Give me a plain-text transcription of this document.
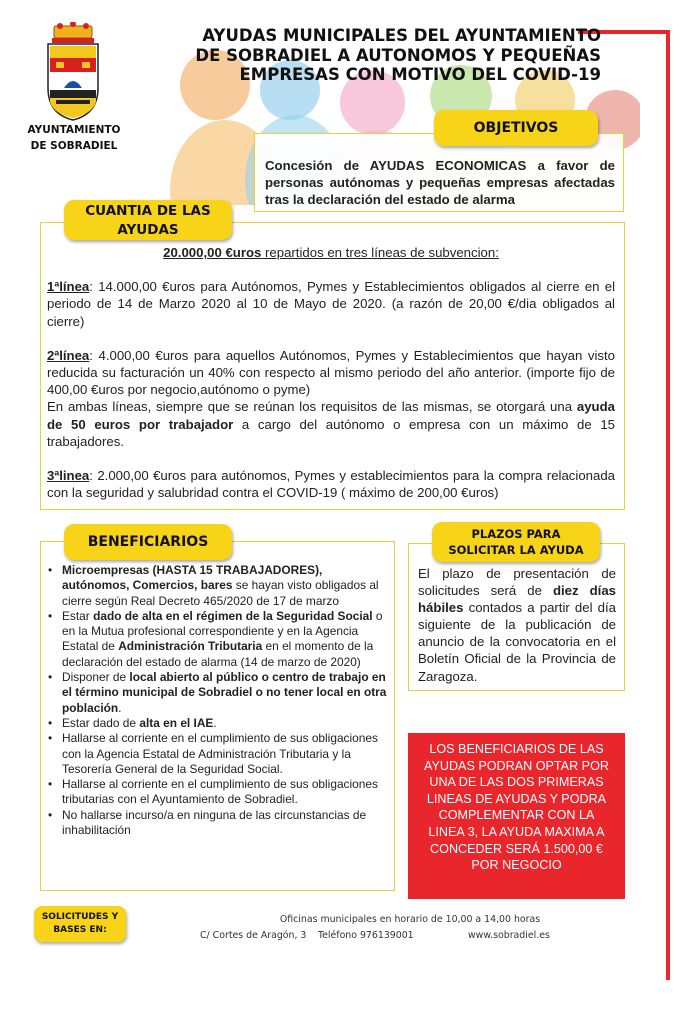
AYUNTAMIENTO
DE SOBRADIEL
AYUDAS MUNICIPALES DEL AYUNTAMIENTO
DE SOBRADIEL A AUTONOMOS Y PEQUEÑAS
EMPRESAS CON MOTIVO DEL COVID-19
OBJETIVOS
Concesión de AYUDAS ECONOMICAS a favor de personas autónomas y pequeñas empresas afectadas tras la declaración del estado de alarma
CUANTIA DE LAS
AYUDAS

20.000,00 €uros repartidos en tres líneas de subvencion:

1ªlínea: 14.000,00 €uros para Autónomos, Pymes y Establecimientos obligados al cierre en el periodo de 14 de Marzo 2020 al 10 de Mayo de 2020. (a razón de 20,00 €/dia obligados al cierre)

2ªlínea: 4.000,00 €uros para aquellos Autónomos, Pymes y Establecimientos que hayan visto reducida su facturación un 40% con respecto al mismo periodo del año anterior. (importe fijo de 400,00 €uros por negocio,autónomo o pyme)

En ambas líneas, siempre que se reúnan los requisitos de las mismas, se otorgará una ayuda de 50 euros por trabajador a cargo del autónomo o empresa con un máximo de 15 trabajadores.

3ªlinea: 2.000,00 €uros para autónomos, Pymes y establecimientos para la compra relacionada con la seguridad y salubridad contra el COVID-19 ( máximo de 200,00 €uros)

BENEFICIARIOS
• Microempresas (HASTA 15 TRABAJADORES), autónomos, Comercios, bares se hayan visto obligados al cierre según Real Decreto 465/2020 de 17 de marzo
• Estar dado de alta en el régimen de la Seguridad Social o en la Mutua profesional correspondiente y en la Agencia Estatal de Administración Tributaria en el momento de la declaración del estado de alarma (14 de marzo de 2020)
• Disponer de local abierto al público o centro de trabajo en el término municipal de Sobradiel o no tener local en otra población.
• Estar dado de alta en el IAE.
• Hallarse al corriente en el cumplimiento de sus obligaciones con la Agencia Estatal de Administración Tributaria y la Tesorería General de la Seguridad Social.
• Hallarse al corriente en el cumplimiento de sus obligaciones tributarias con el Ayuntamiento de Sobradiel.
• No hallarse incurso/a en ninguna de las circunstancias de inhabilitación
PLAZOS PARA
SOLICITAR LA AYUDA
El plazo de presentación de solicitudes será de diez días hábiles contados a partir del día siguiente de la publicación de anuncio de la convocatoria en el Boletín Oficial de la Provincia de Zaragoza.
LOS BENEFICIARIOS DE LAS AYUDAS PODRAN OPTAR POR UNA DE LAS DOS PRIMERAS LINEAS DE AYUDAS Y PODRA COMPLEMENTAR CON LA LINEA 3, LA AYUDA MAXIMA A CONCEDER SERÁ 1.500,00 € POR NEGOCIO
SOLICITUDES Y
BASES EN:
Oficinas municipales en horario de 10,00 a 14,00 horas
C/ Cortes de Aragón, 3	Teléfono 976139001	www.sobradiel.es
